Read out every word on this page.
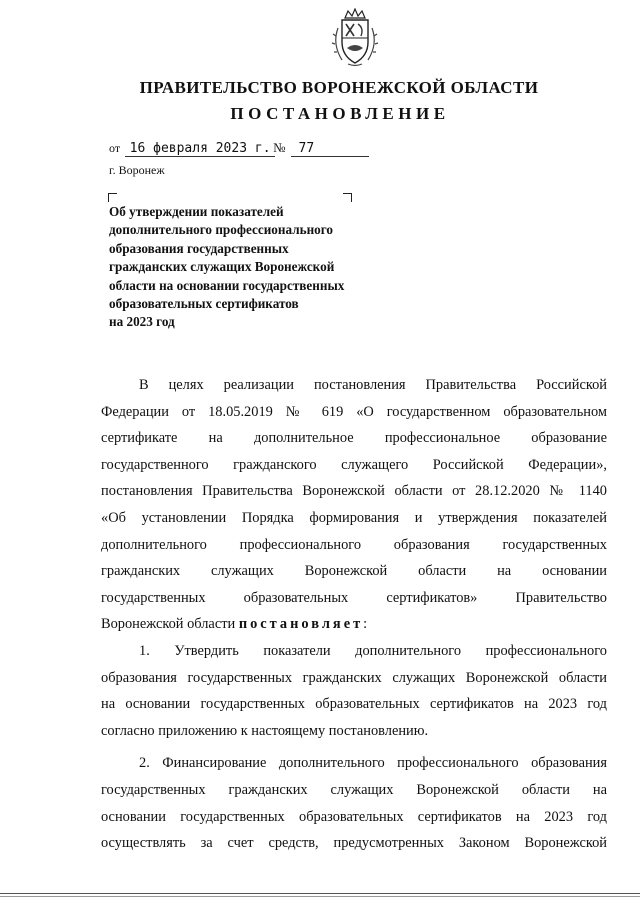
ПРАВИТЕЛЬСТВО ВОРОНЕЖСКОЙ ОБЛАСТИ
ПОСТАНОВЛЕНИЕ
от 16 февраля 2023 г. № 77
г. Воронеж
Об утверждении показателей
дополнительного профессионального
образования государственных
гражданских служащих Воронежской
области на основании государственных
образовательных сертификатов
на 2023 год
В целях реализации постановления Правительства Российской
Федерации от 18.05.2019 № 619 «О государственном образовательном
сертификате на дополнительное профессиональное образование
государственного гражданского служащего Российской Федерации»,
постановления Правительства Воронежской области от 28.12.2020 № 1140
«Об установлении Порядка формирования и утверждения показателей
дополнительного профессионального образования государственных
гражданских служащих Воронежской области на основании
государственных образовательных сертификатов» Правительство
Воронежской области постановляет:
1. Утвердить показатели дополнительного профессионального
образования государственных гражданских служащих Воронежской области
на основании государственных образовательных сертификатов на 2023 год
согласно приложению к настоящему постановлению.
2. Финансирование дополнительного профессионального образования
государственных гражданских служащих Воронежской области на
основании государственных образовательных сертификатов на 2023 год
осуществлять за счет средств, предусмотренных Законом Воронежской
